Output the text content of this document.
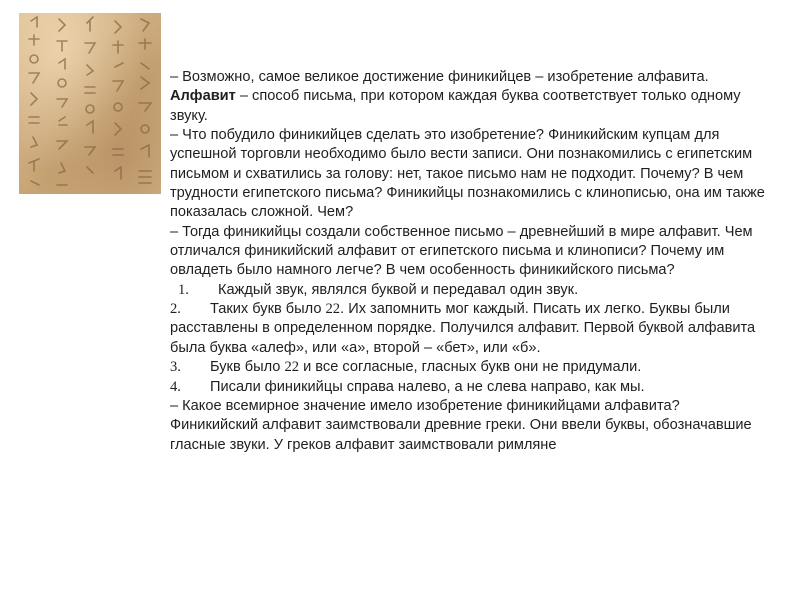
– Возможно, самое великое достижение финикийцев – изобретение алфавита.

Алфавит – способ письма, при котором каждая буква соответствует только одному звуку.

– Что побудило финикийцев сделать это изобретение? Финикийским купцам для успешной торговли необходимо было вести записи. Они познакомились с египетским письмом и схватились за голову: нет, такое письмо нам не подходит. Почему? В чем трудности египетского письма? Финикийцы познакомились с клинописью, она им также показалась сложной. Чем?

– Тогда финикийцы создали собственное письмо – древнейший в мире алфавит. Чем отличался финикийский алфавит от египетского письма и клинописи? Почему им овладеть было намного легче? В чем особенность финикийского письма?

1. Каждый звук, являлся буквой и передавал один звук.

2. Таких букв было 22. Их запомнить мог каждый. Писать их легко. Буквы были расставлены в определенном порядке. Получился алфавит. Первой буквой алфавита была буква «алеф», или «а», второй – «бет», или «б».

3. Букв было 22 и все согласные, гласных букв они не придумали.

4. Писали финикийцы справа налево, а не слева направо, как мы.

– Какое всемирное значение имело изобретение финикийцами алфавита?

Финикийский алфавит заимствовали древние греки. Они ввели буквы, обозначавшие гласные звуки. У греков алфавит заимствовали римляне
